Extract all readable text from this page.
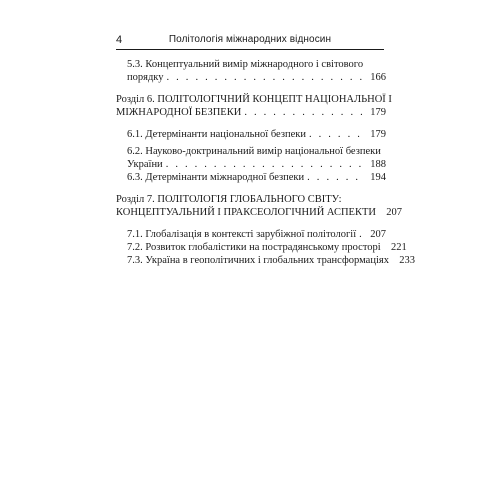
4	Політологія міжнародних відносин
5.3. Концептуальний вимір міжнародного і світового
порядку . . .	166
Розділ 6. ПОЛІТОЛОГІЧНИЙ КОНЦЕПТ НАЦІОНАЛЬНОЇ І
МІЖНАРОДНОЇ БЕЗПЕКИ . . .	179
6.1. Детермінанти національної безпеки . . .	179
6.2. Науково-доктринальний вимір національної безпеки
України . . .	188
6.3. Детермінанти міжнародної безпеки . . .	194
Розділ 7. ПОЛІТОЛОГІЯ ГЛОБАЛЬНОГО СВІТУ:
КОНЦЕПТУАЛЬНИЙ І ПРАКСЕОЛОГІЧНИЙ АСПЕКТИ 207
7.1. Глобалізація в контексті зарубіжної політології . . .	207
7.2. Розвиток глобалістики на пострадянському просторі 221
7.3. Україна в геополітичних і глобальних трансформаціях 233
